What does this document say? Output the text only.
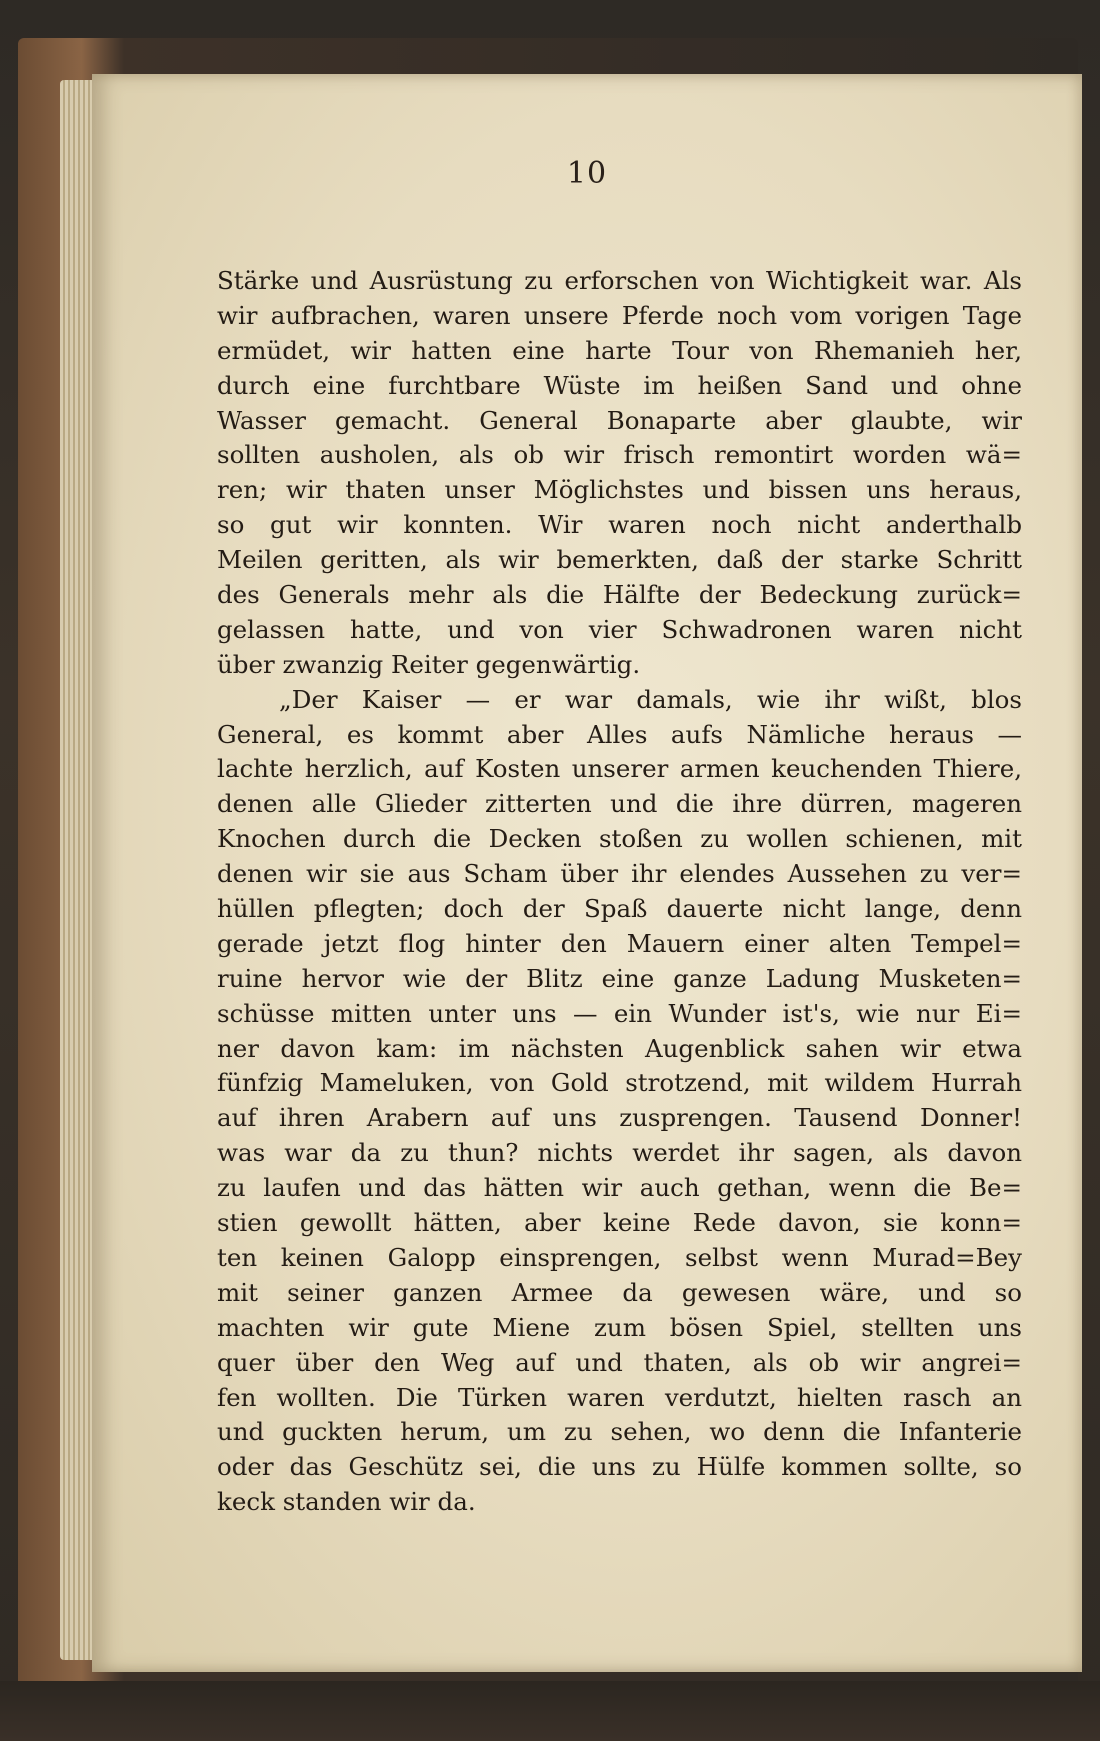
10
Stärke und Ausrüstung zu erforschen von Wichtigkeit war. Als
wir aufbrachen, waren unsere Pferde noch vom vorigen Tage
ermüdet, wir hatten eine harte Tour von Rhemanieh her,
durch eine furchtbare Wüste im heißen Sand und ohne
Wasser gemacht. General Bonaparte aber glaubte, wir
sollten ausholen, als ob wir frisch remontirt worden wä=
ren; wir thaten unser Möglichstes und bissen uns heraus,
so gut wir konnten. Wir waren noch nicht anderthalb
Meilen geritten, als wir bemerkten, daß der starke Schritt
des Generals mehr als die Hälfte der Bedeckung zurück=
gelassen hatte, und von vier Schwadronen waren nicht
über zwanzig Reiter gegenwärtig.
„Der Kaiser — er war damals, wie ihr wißt, blos
General, es kommt aber Alles aufs Nämliche heraus —
lachte herzlich, auf Kosten unserer armen keuchenden Thiere,
denen alle Glieder zitterten und die ihre dürren, mageren
Knochen durch die Decken stoßen zu wollen schienen, mit
denen wir sie aus Scham über ihr elendes Aussehen zu ver=
hüllen pflegten; doch der Spaß dauerte nicht lange, denn
gerade jetzt flog hinter den Mauern einer alten Tempel=
ruine hervor wie der Blitz eine ganze Ladung Musketen=
schüsse mitten unter uns — ein Wunder ist's, wie nur Ei=
ner davon kam: im nächsten Augenblick sahen wir etwa
fünfzig Mameluken, von Gold strotzend, mit wildem Hurrah
auf ihren Arabern auf uns zusprengen. Tausend Donner!
was war da zu thun? nichts werdet ihr sagen, als davon
zu laufen und das hätten wir auch gethan, wenn die Be=
stien gewollt hätten, aber keine Rede davon, sie konn=
ten keinen Galopp einsprengen, selbst wenn Murad=Bey
mit seiner ganzen Armee da gewesen wäre, und so
machten wir gute Miene zum bösen Spiel, stellten uns
quer über den Weg auf und thaten, als ob wir angrei=
fen wollten. Die Türken waren verdutzt, hielten rasch an
und guckten herum, um zu sehen, wo denn die Infanterie
oder das Geschütz sei, die uns zu Hülfe kommen sollte, so
keck standen wir da.
